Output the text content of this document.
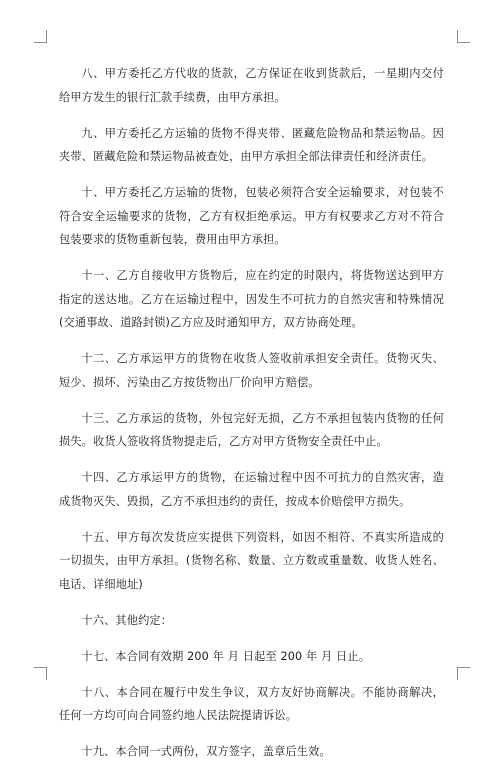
八、甲方委托乙方代收的货款，乙方保证在收到货款后，一星期内交付给甲方发生的银行汇款手续费，由甲方承担。

九、甲方委托乙方运输的货物不得夹带、匿藏危险物品和禁运物品。因夹带、匿藏危险和禁运物品被查处，由甲方承担全部法律责任和经济责任。

十、甲方委托乙方运输的货物，包装必须符合安全运输要求，对包装不符合安全运输要求的货物，乙方有权拒绝承运。甲方有权要求乙方对不符合包装要求的货物重新包装，费用由甲方承担。

十一、乙方自接收甲方货物后，应在约定的时限内，将货物送达到甲方指定的送达地。乙方在运输过程中，因发生不可抗力的自然灾害和特殊情况(交通事故、道路封锁)乙方应及时通知甲方，双方协商处理。

十二、乙方承运甲方的货物在收货人签收前承担安全责任。货物灭失、短少、损坏、污染由乙方按货物出厂价向甲方赔偿。

十三、乙方承运的货物，外包完好无损，乙方不承担包装内货物的任何损失。收货人签收将货物提走后，乙方对甲方货物安全责任中止。

十四、乙方承运甲方的货物，在运输过程中因不可抗力的自然灾害，造成货物灭失、毁损，乙方不承担违约的责任，按成本价赔偿甲方损失。

十五、甲方每次发货应实提供下列资料，如因不相符、不真实所造成的一切损失，由甲方承担。(货物名称、数量、立方数或重量数、收货人姓名、电话、详细地址)

十六、其他约定：

十七、本合同有效期 200 年 月 日起至 200 年 月 日止。

十八、本合同在履行中发生争议，双方友好协商解决。不能协商解决，任何一方均可向合同签约地人民法院提请诉讼。

十九、本合同一式两份，双方签字，盖章后生效。
